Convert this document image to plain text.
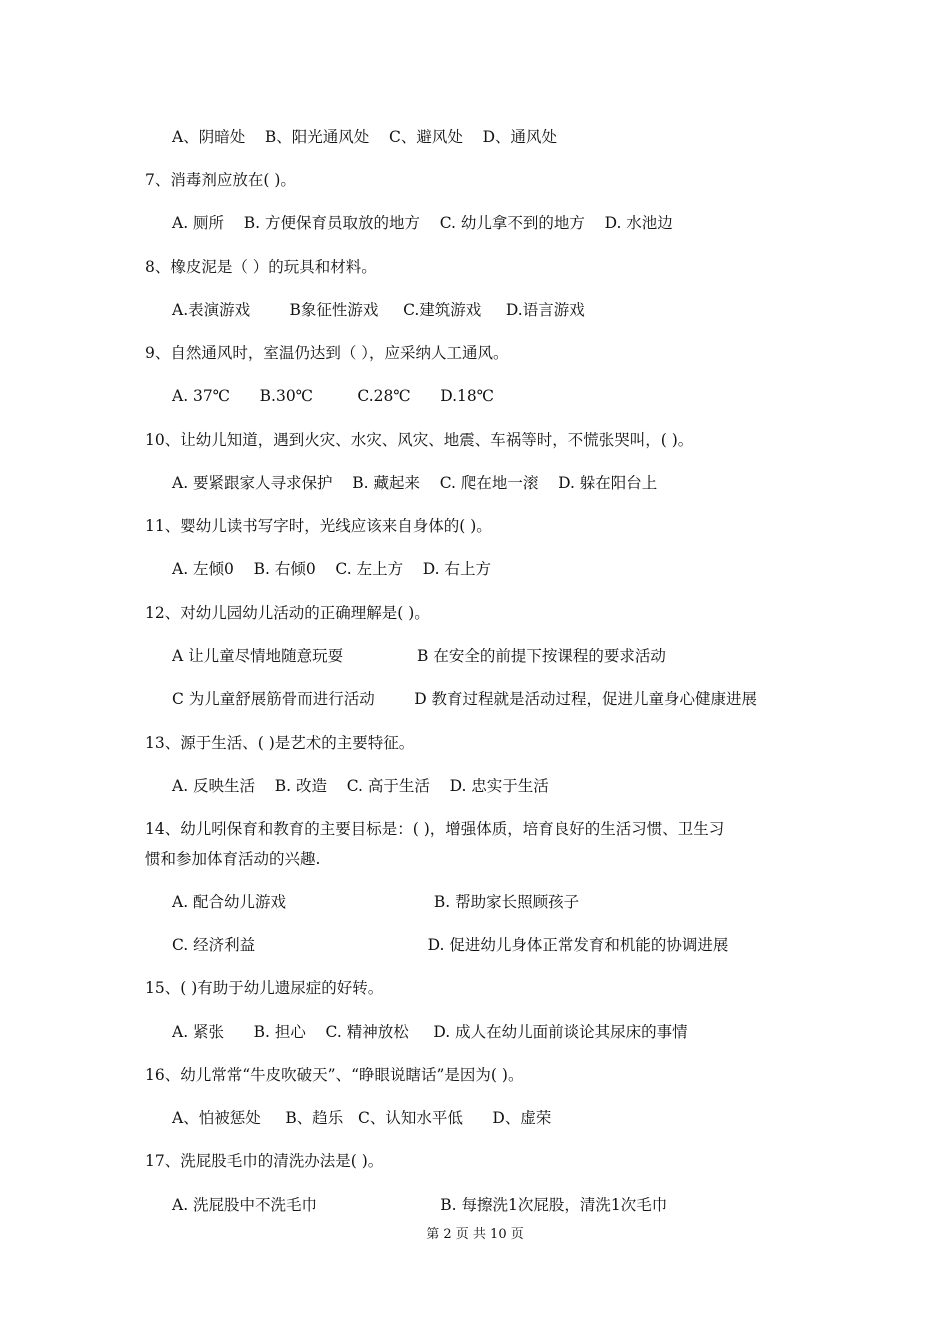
A、阴暗处    B、阳光通风处    C、避风处    D、通风处
7、消毒剂应放在( )。
A. 厕所    B. 方便保育员取放的地方    C. 幼儿拿不到的地方    D. 水池边
8、橡皮泥是（ ）的玩具和材料。
A.表演游戏        B象征性游戏     C.建筑游戏     D.语言游戏
9、自然通风时，室温仍达到（ ），应采纳人工通风。
A. 37℃      B.30℃         C.28℃      D.18℃
10、让幼儿知道，遇到火灾、水灾、风灾、地震、车祸等时，不慌张哭叫，( )。
A. 要紧跟家人寻求保护    B. 藏起来    C. 爬在地一滚    D. 躲在阳台上
11、婴幼儿读书写字时，光线应该来自身体的( )。
A. 左倾0    B. 右倾0    C. 左上方    D. 右上方
12、对幼儿园幼儿活动的正确理解是( )。
A 让儿童尽情地随意玩耍               B 在安全的前提下按课程的要求活动
C 为儿童舒展筋骨而进行活动        D 教育过程就是活动过程，促进儿童身心健康进展
13、源于生活、( )是艺术的主要特征。
A. 反映生活    B. 改造    C. 高于生活    D. 忠实于生活
14、幼儿吲保育和教育的主要目标是：( )，增强体质，培育良好的生活习惯、卫生习
惯和参加体育活动的兴趣.
A. 配合幼儿游戏                              B. 帮助家长照顾孩子
C. 经济利益                                   D. 促进幼儿身体正常发育和机能的协调进展
15、( )有助于幼儿遗尿症的好转。
A. 紧张      B. 担心    C. 精神放松     D. 成人在幼儿面前谈论其尿床的事情
16、幼儿常常“牛皮吹破天”、“睁眼说瞎话”是因为( )。
A、怕被惩处     B、趋乐   C、认知水平低      D、虚荣
17、洗屁股毛巾的清洗办法是( )。
A. 洗屁股中不洗毛巾                         B. 每擦洗1次屁股，清洗1次毛巾
第 2 页 共 10 页
